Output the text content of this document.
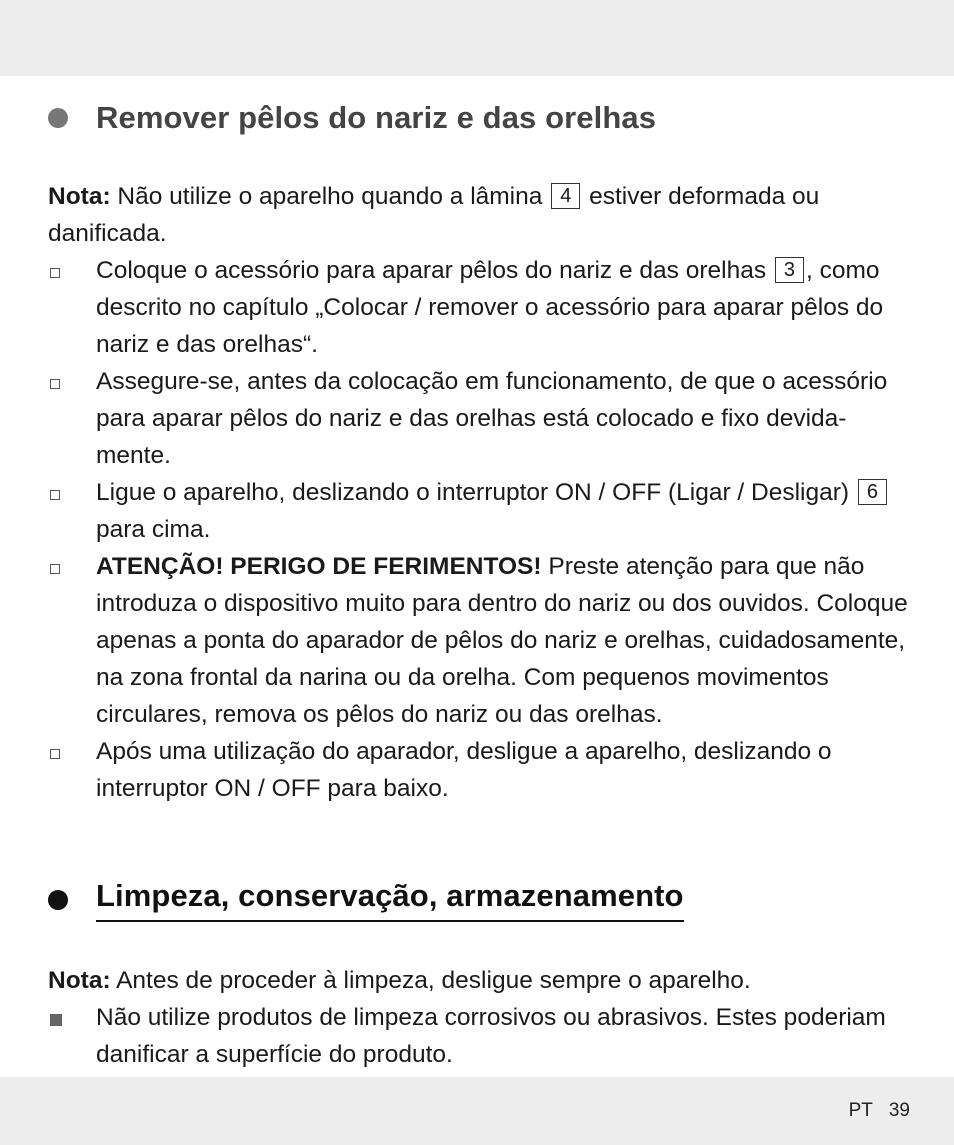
Remover pêlos do nariz e das orelhas

Nota: Não utilize o aparelho quando a lâmina 4 estiver deformada ou danificada.

Coloque o acessório para aparar pêlos do nariz e das orelhas 3 , como descrito no capítulo „Colocar / remover o acessório para aparar pêlos do nariz e das orelhas“.
Assegure-se, antes da colocação em funcionamento, de que o acessório para aparar pêlos do nariz e das orelhas está colocado e fixo devida-mente.
Ligue o aparelho, deslizando o interruptor ON / OFF (Ligar / Desligar) 6 para cima.
ATENÇÃO! PERIGO DE FERIMENTOS! Preste atenção para que não introduza o dispositivo muito para dentro do nariz ou dos ouvidos. Coloque apenas a ponta do aparador de pêlos do nariz e orelhas, cuidadosamente, na zona frontal da narina ou da orelha. Com pequenos movimentos circulares, remova os pêlos do nariz ou das orelhas.
Após uma utilização do aparador, desligue a aparelho, deslizando o interruptor ON / OFF para baixo.
Limpeza, conservação, armazenamento

Nota: Antes de proceder à limpeza, desligue sempre o aparelho.

Não utilize produtos de limpeza corrosivos ou abrasivos. Estes poderiam danificar a superfície do produto.
PT 39
